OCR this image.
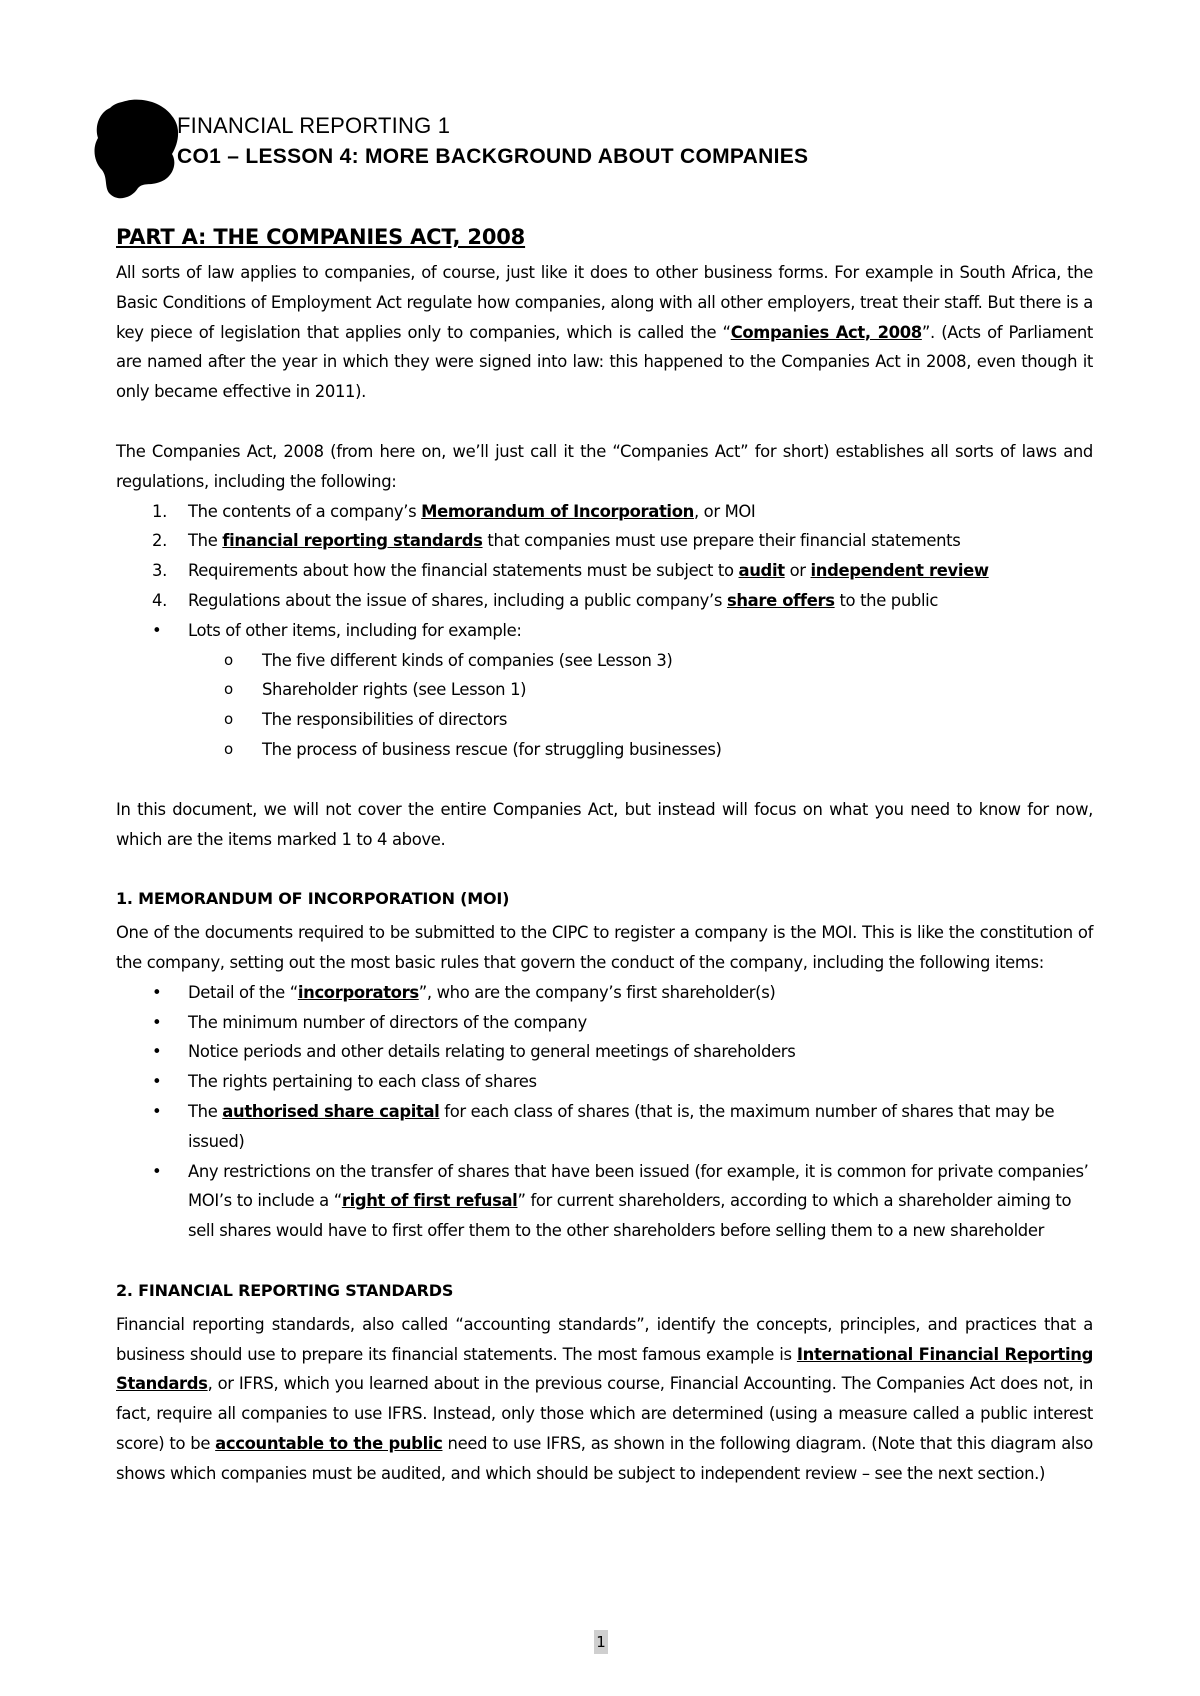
FINANCIAL REPORTING 1
CO1 – LESSON 4: MORE BACKGROUND ABOUT COMPANIES
PART A: THE COMPANIES ACT, 2008

All sorts of law applies to companies, of course, just like it does to other business forms. For example in South Africa, the Basic Conditions of Employment Act regulate how companies, along with all other employers, treat their staff. But there is a key piece of legislation that applies only to companies, which is called the “Companies Act, 2008”. (Acts of Parliament are named after the year in which they were signed into law: this happened to the Companies Act in 2008, even though it only became effective in 2011).

The Companies Act, 2008 (from here on, we’ll just call it the “Companies Act” for short) establishes all sorts of laws and regulations, including the following:

1.	The contents of a company’s Memorandum of Incorporation, or MOI
2.	The financial reporting standards that companies must use prepare their financial statements
3.	Requirements about how the financial statements must be subject to audit or independent review
4.	Regulations about the issue of shares, including a public company’s share offers to the public
•	Lots of other items, including for example:
o The five different kinds of companies (see Lesson 3)
o Shareholder rights (see Lesson 1)
o The responsibilities of directors
o The process of business rescue (for struggling businesses)

In this document, we will not cover the entire Companies Act, but instead will focus on what you need to know for now, which are the items marked 1 to 4 above.

1. MEMORANDUM OF INCORPORATION (MOI)

One of the documents required to be submitted to the CIPC to register a company is the MOI. This is like the constitution of the company, setting out the most basic rules that govern the conduct of the company, including the following items:

•	Detail of the “incorporators”, who are the company’s first shareholder(s)
•	The minimum number of directors of the company
•	Notice periods and other details relating to general meetings of shareholders
•	The rights pertaining to each class of shares
•	The authorised share capital for each class of shares (that is, the maximum number of shares that may be issued)
•	Any restrictions on the transfer of shares that have been issued (for example, it is common for private companies’ MOI’s to include a “right of first refusal” for current shareholders, according to which a shareholder aiming to sell shares would have to first offer them to the other shareholders before selling them to a new shareholder
2. FINANCIAL REPORTING STANDARDS

Financial reporting standards, also called “accounting standards”, identify the concepts, principles, and practices that a business should use to prepare its financial statements. The most famous example is International Financial Reporting Standards, or IFRS, which you learned about in the previous course, Financial Accounting. The Companies Act does not, in fact, require all companies to use IFRS. Instead, only those which are determined (using a measure called a public interest score) to be accountable to the public need to use IFRS, as shown in the following diagram. (Note that this diagram also shows which companies must be audited, and which should be subject to independent review – see the next section.)

1
